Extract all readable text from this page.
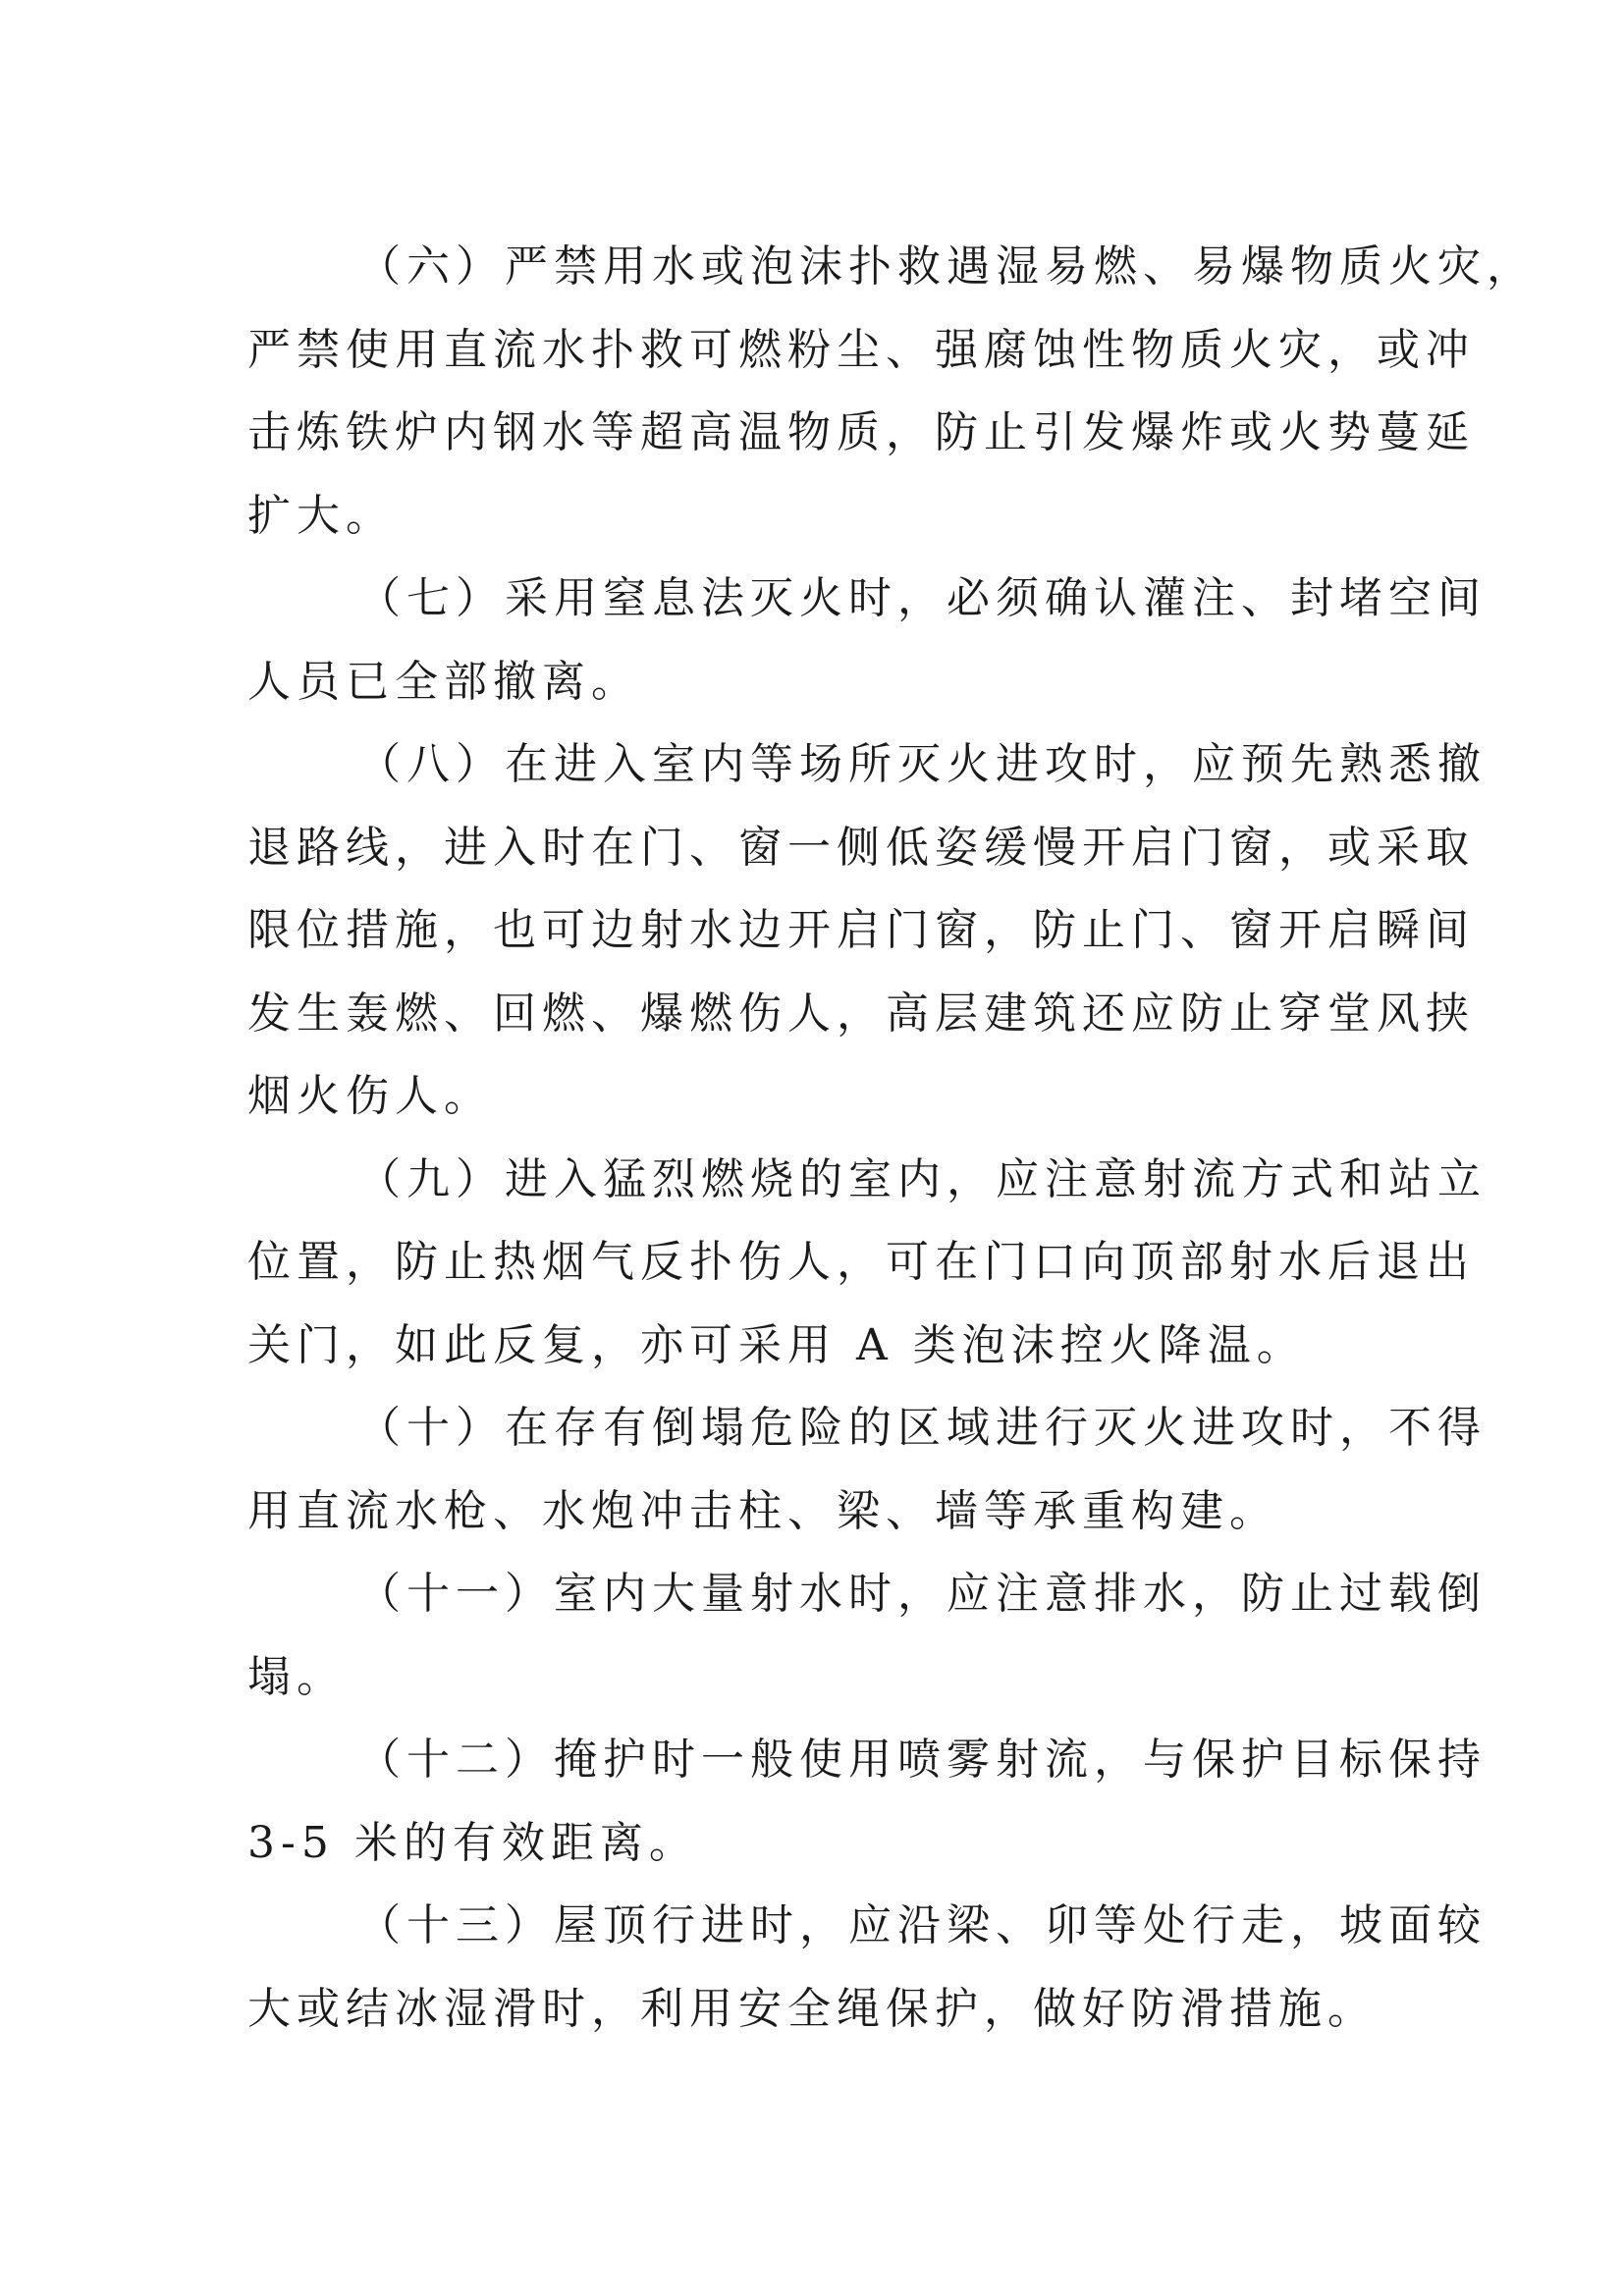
（六）严禁用水或泡沫扑救遇湿易燃、易爆物质火灾，
严禁使用直流水扑救可燃粉尘、强腐蚀性物质火灾，或冲
击炼铁炉内钢水等超高温物质，防止引发爆炸或火势蔓延
扩大。
（七）采用窒息法灭火时，必须确认灌注、封堵空间
人员已全部撤离。
（八）在进入室内等场所灭火进攻时，应预先熟悉撤
退路线，进入时在门、窗一侧低姿缓慢开启门窗，或采取
限位措施，也可边射水边开启门窗，防止门、窗开启瞬间
发生轰燃、回燃、爆燃伤人，高层建筑还应防止穿堂风挟
烟火伤人。
（九）进入猛烈燃烧的室内，应注意射流方式和站立
位置，防止热烟气反扑伤人，可在门口向顶部射水后退出
关门，如此反复，亦可采用 A 类泡沫控火降温。
（十）在存有倒塌危险的区域进行灭火进攻时，不得
用直流水枪、水炮冲击柱、梁、墙等承重构建。
（十一）室内大量射水时，应注意排水，防止过载倒
塌。
（十二）掩护时一般使用喷雾射流，与保护目标保持
3-5 米的有效距离。
（十三）屋顶行进时，应沿梁、卯等处行走，坡面较
大或结冰湿滑时，利用安全绳保护，做好防滑措施。
